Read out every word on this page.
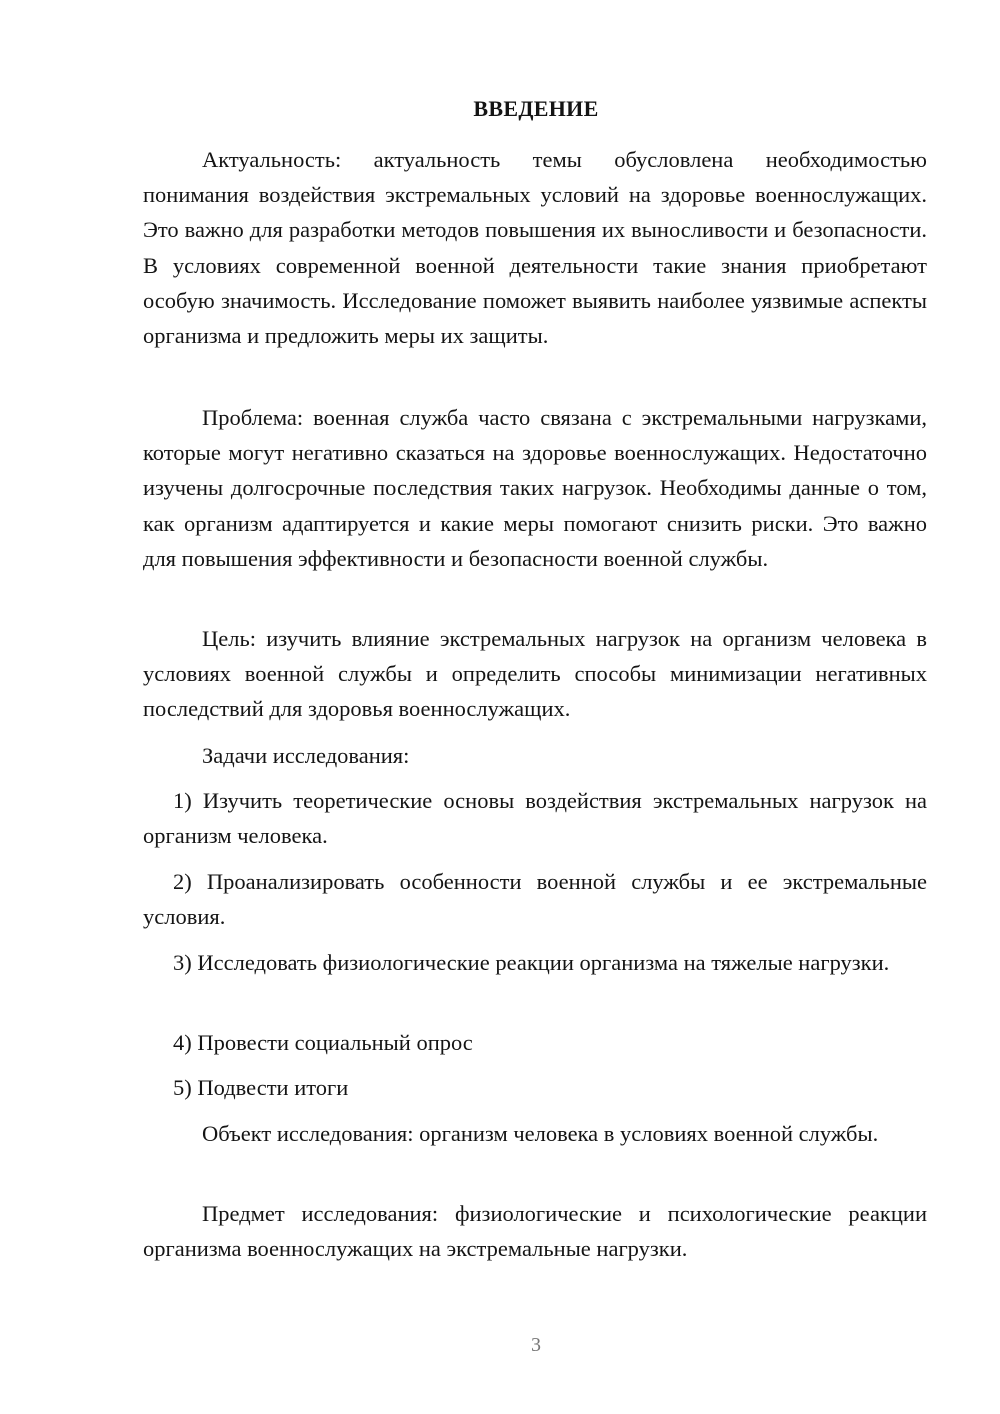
ВВЕДЕНИЕ

Актуальность: актуальность темы обусловлена необходимостью понимания воздействия экстремальных условий на здоровье военнослужащих. Это важно для разработки методов повышения их выносливости и безопасности. В условиях современной военной деятельности такие знания приобретают особую значимость. Исследование поможет выявить наиболее уязвимые аспекты организма и предложить меры их защиты.

Проблема: военная служба часто связана с экстремальными нагрузками, которые могут негативно сказаться на здоровье военнослужащих. Недостаточно изучены долгосрочные последствия таких нагрузок. Необходимы данные о том, как организм адаптируется и какие меры помогают снизить риски. Это важно для повышения эффективности и безопасности военной службы.

Цель: изучить влияние экстремальных нагрузок на организм человека в условиях военной службы и определить способы минимизации негативных последствий для здоровья военнослужащих.

Задачи исследования:

1) Изучить теоретические основы воздействия экстремальных нагрузок на организм человека.

2) Проанализировать особенности военной службы и ее экстремальные условия.

3) Исследовать физиологические реакции организма на тяжелые нагрузки.

4) Провести социальный опрос

5) Подвести итоги

Объект исследования: организм человека в условиях военной службы.

Предмет исследования: физиологические и психологические реакции организма военнослужащих на экстремальные нагрузки.

3
